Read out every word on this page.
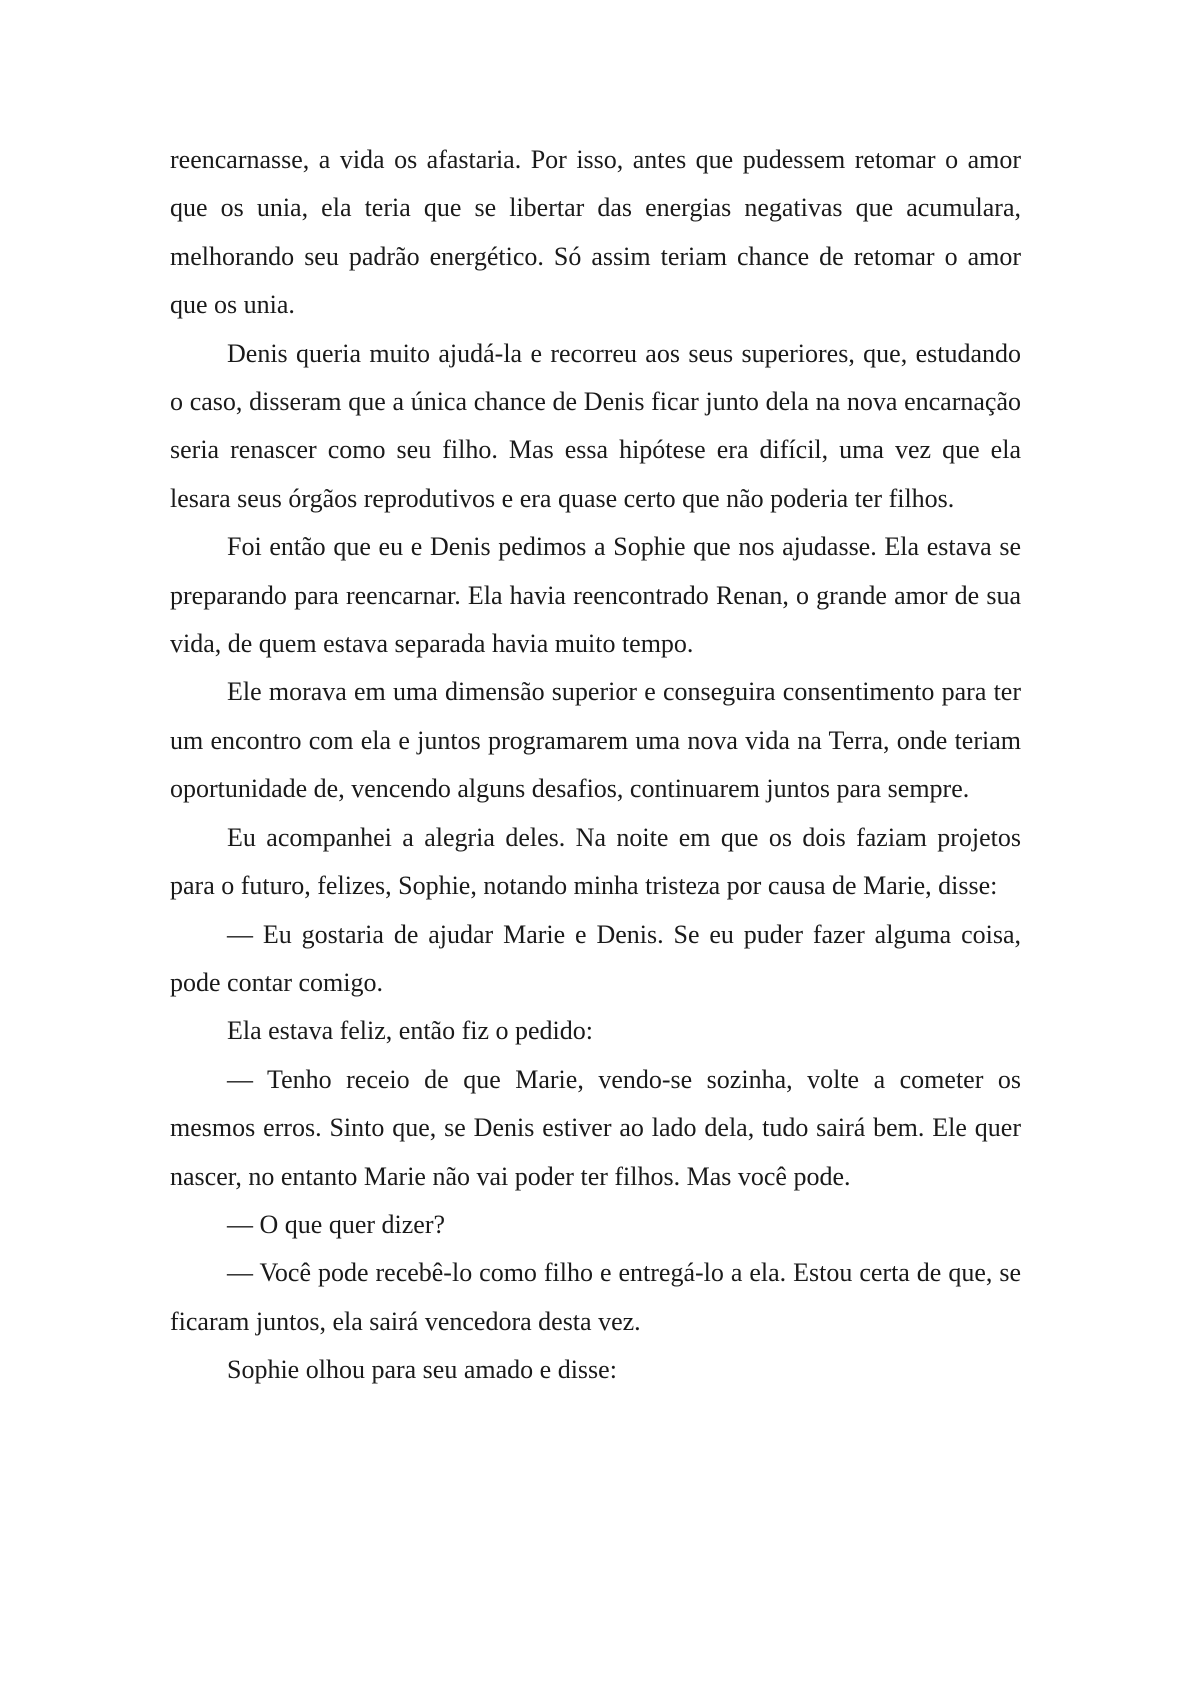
reencarnasse, a vida os afastaria. Por isso, antes que pudessem retomar o amor que os unia, ela teria que se libertar das energias negativas que acumulara, melhorando seu padrão energético. Só assim teriam chance de retomar o amor que os unia.

Denis queria muito ajudá-la e recorreu aos seus superiores, que, estudando o caso, disseram que a única chance de Denis ficar junto dela na nova encarnação seria renascer como seu filho. Mas essa hipótese era difícil, uma vez que ela lesara seus órgãos reprodutivos e era quase certo que não poderia ter filhos.

Foi então que eu e Denis pedimos a Sophie que nos ajudasse. Ela estava se preparando para reencarnar. Ela havia reencontrado Renan, o grande amor de sua vida, de quem estava separada havia muito tempo.

Ele morava em uma dimensão superior e conseguira consentimento para ter um encontro com ela e juntos programarem uma nova vida na Terra, onde teriam oportunidade de, vencendo alguns desafios, continuarem juntos para sempre.

Eu acompanhei a alegria deles. Na noite em que os dois faziam projetos para o futuro, felizes, Sophie, notando minha tristeza por causa de Marie, disse:

— Eu gostaria de ajudar Marie e Denis. Se eu puder fazer alguma coisa, pode contar comigo.

Ela estava feliz, então fiz o pedido:

— Tenho receio de que Marie, vendo-se sozinha, volte a cometer os mesmos erros. Sinto que, se Denis estiver ao lado dela, tudo sairá bem. Ele quer nascer, no entanto Marie não vai poder ter filhos. Mas você pode.

— O que quer dizer?

— Você pode recebê-lo como filho e entregá-lo a ela. Estou certa de que, se ficaram juntos, ela sairá vencedora desta vez.

Sophie olhou para seu amado e disse:
